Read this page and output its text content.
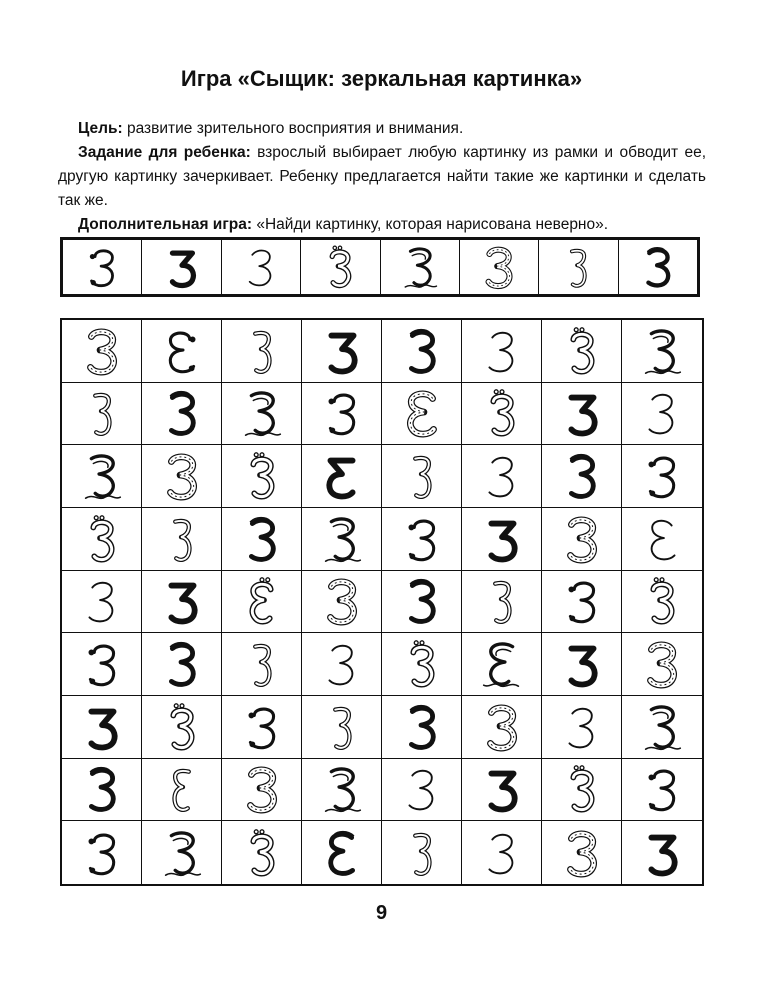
Игра «Сыщик: зеркальная картинка»

Цель: развитие зрительного восприятия и внимания.

Задание для ребенка: взрослый выбирает любую картинку из рамки и обводит ее, другую картинку зачеркивает. Ребенку предлагается найти такие же картинки и сделать так же.

Дополнительная игра: «Найди картинку, которая нарисована неверно».

9
